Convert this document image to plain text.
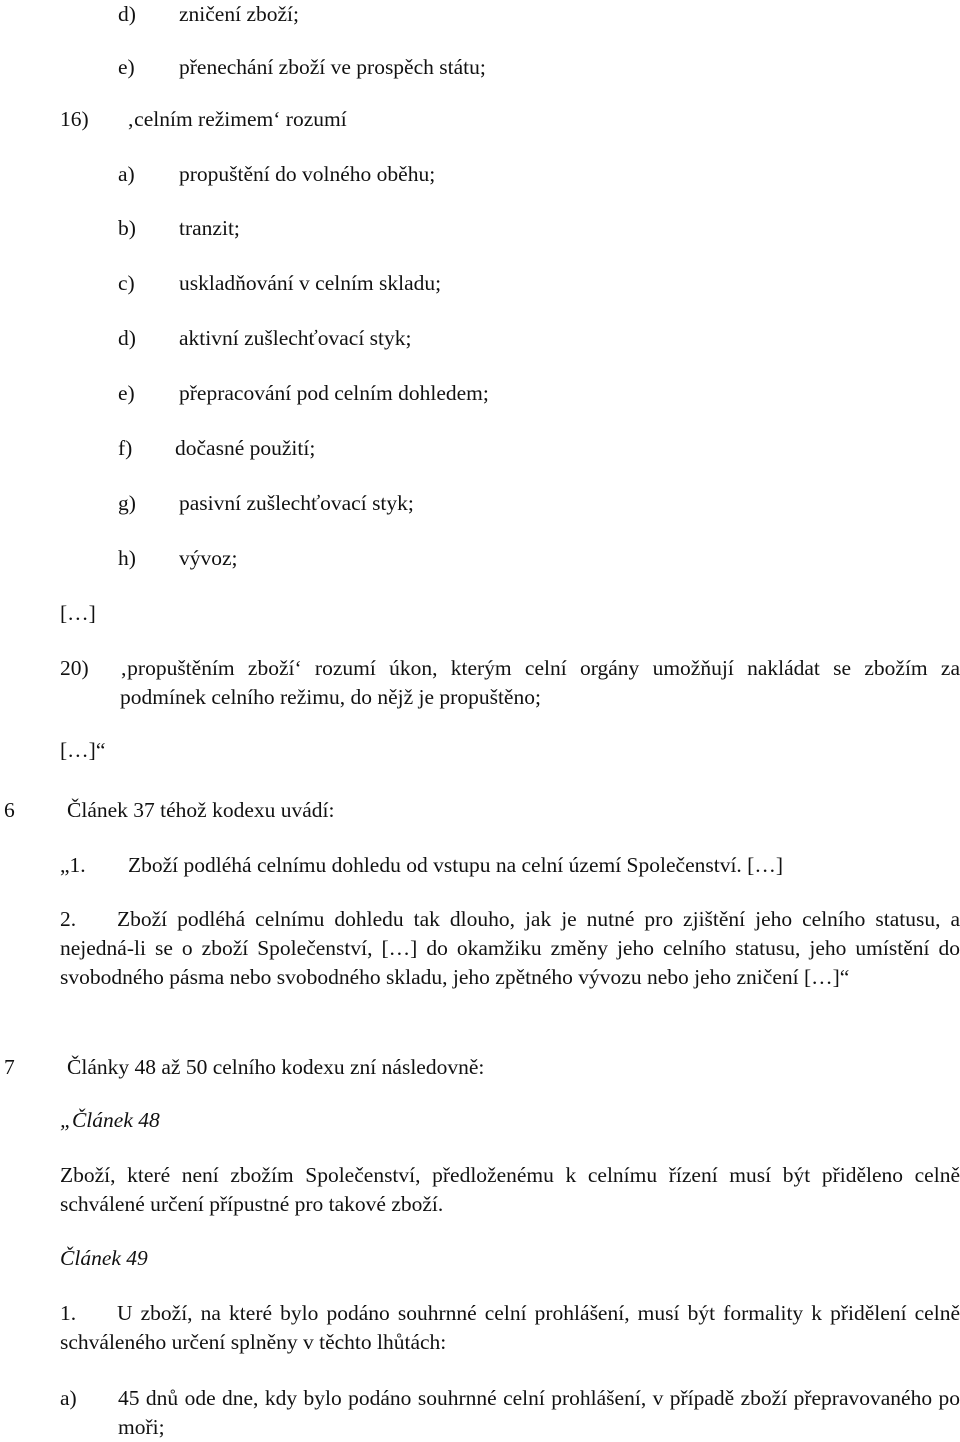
d) zničení zboží;
e) přenechání zboží ve prospěch státu;
16) ‚celním režimem‘ rozumí
a) propuštění do volného oběhu;
b) tranzit;
c) uskladňování v celním skladu;
d) aktivní zušlechťovací styk;
e) přepracování pod celním dohledem;
f) dočasné použití;
g) pasivní zušlechťovací styk;
h) vývoz;
[…]
20) ‚propuštěním zboží‘ rozumí úkon, kterým celní orgány umožňují nakládat se zbožím za podmínek celního režimu, do nějž je propuštěno;
[…]“
6 Článek 37 téhož kodexu uvádí:
„1. Zboží podléhá celnímu dohledu od vstupu na celní území Společenství. […]
2. Zboží podléhá celnímu dohledu tak dlouho, jak je nutné pro zjištění jeho celního statusu, a nejedná-li se o zboží Společenství, […] do okamžiku změny jeho celního statusu, jeho umístění do svobodného pásma nebo svobodného skladu, jeho zpětného vývozu nebo jeho zničení […]“
7 Články 48 až 50 celního kodexu zní následovně:
„Článek 48
Zboží, které není zbožím Společenství, předloženému k celnímu řízení musí být přiděleno celně schválené určení přípustné pro takové zboží.
Článek 49
1. U zboží, na které bylo podáno souhrnné celní prohlášení, musí být formality k přidělení celně schváleného určení splněny v těchto lhůtách:
a) 45 dnů ode dne, kdy bylo podáno souhrnné celní prohlášení, v případě zboží přepravovaného po moři;
